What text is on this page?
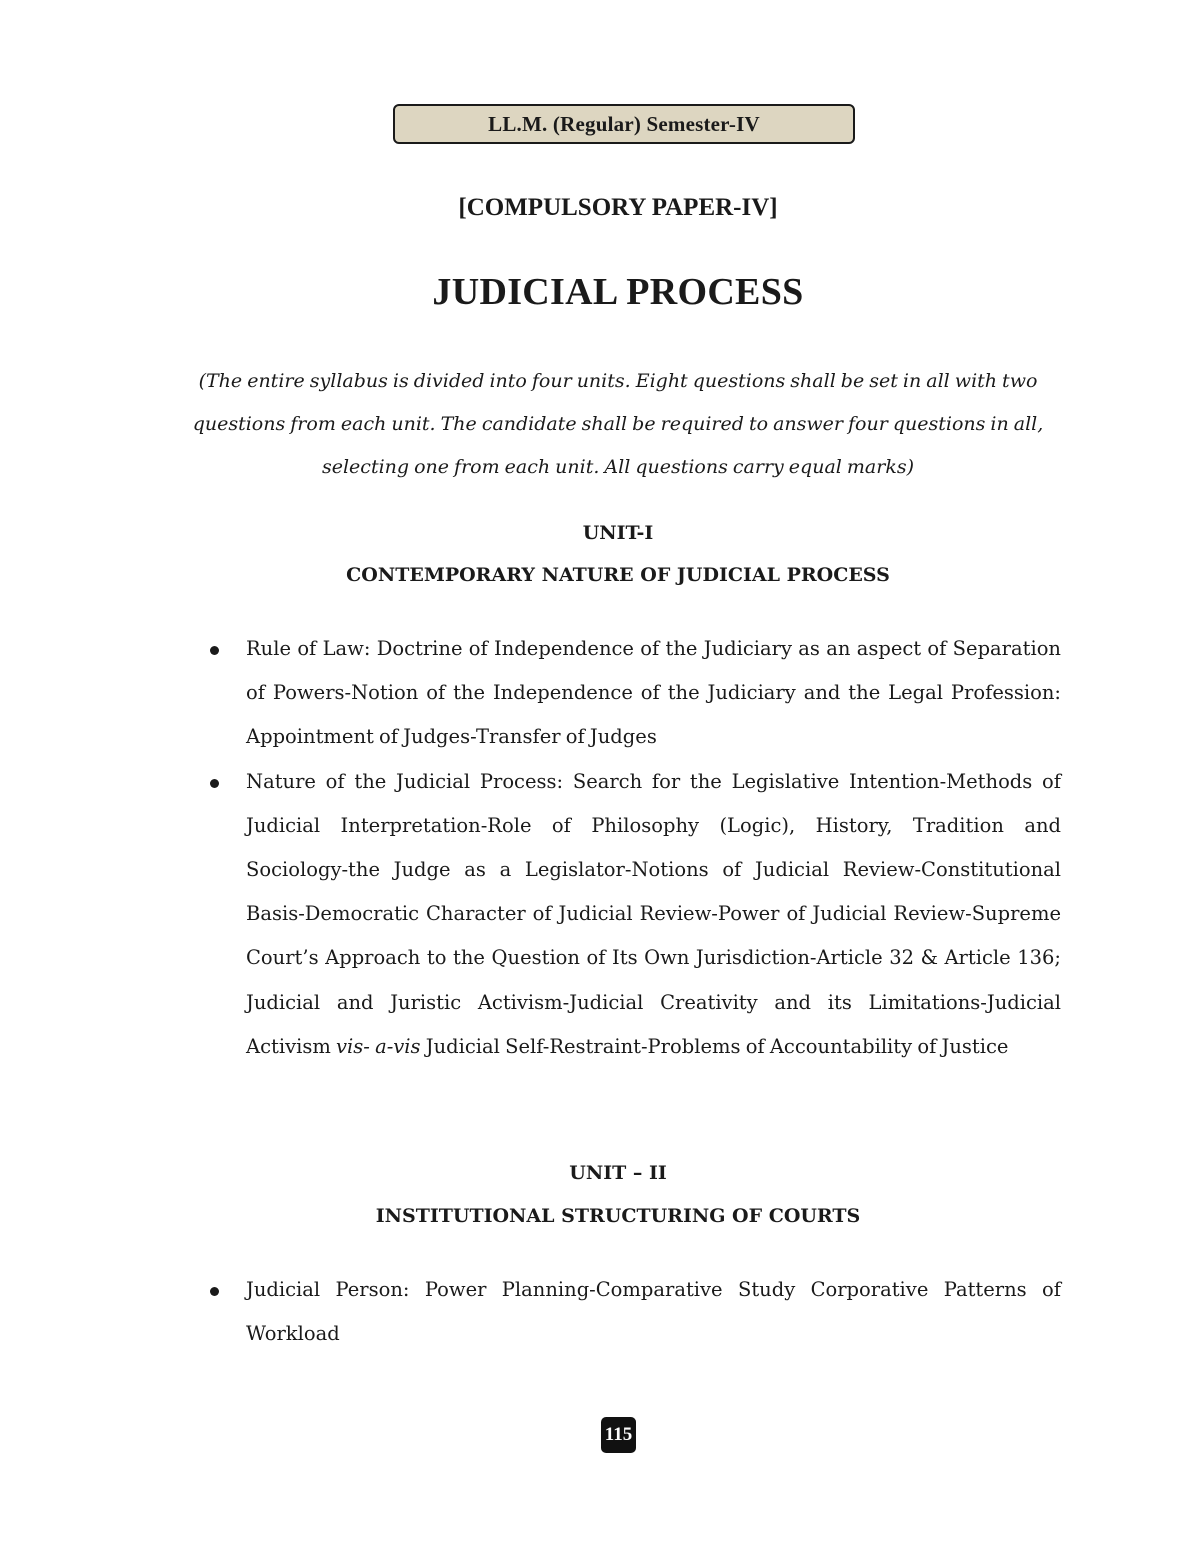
LL.M. (Regular) Semester-IV
[COMPULSORY PAPER-IV]
JUDICIAL PROCESS
(The entire syllabus is divided into four units. Eight questions shall be set in all with two questions from each unit. The candidate shall be required to answer four questions in all, selecting one from each unit. All questions carry equal marks)
UNIT-I
CONTEMPORARY NATURE OF JUDICIAL PROCESS
Rule of Law: Doctrine of Independence of the Judiciary as an aspect of Separation of Powers-Notion of the Independence of the Judiciary and the Legal Profession: Appointment of Judges-Transfer of Judges
Nature of the Judicial Process: Search for the Legislative Intention-Methods of Judicial Interpretation-Role of Philosophy (Logic), History, Tradition and Sociology-the Judge as a Legislator-Notions of Judicial Review-Constitutional Basis-Democratic Character of Judicial Review-Power of Judicial Review-Supreme Court’s Approach to the Question of Its Own Jurisdiction-Article 32 & Article 136; Judicial and Juristic Activism-Judicial Creativity and its Limitations-Judicial Activism vis- a-vis Judicial Self-Restraint-Problems of Accountability of Justice
UNIT – II
INSTITUTIONAL STRUCTURING OF COURTS
Judicial Person: Power Planning-Comparative Study Corporative Patterns of Workload
115
